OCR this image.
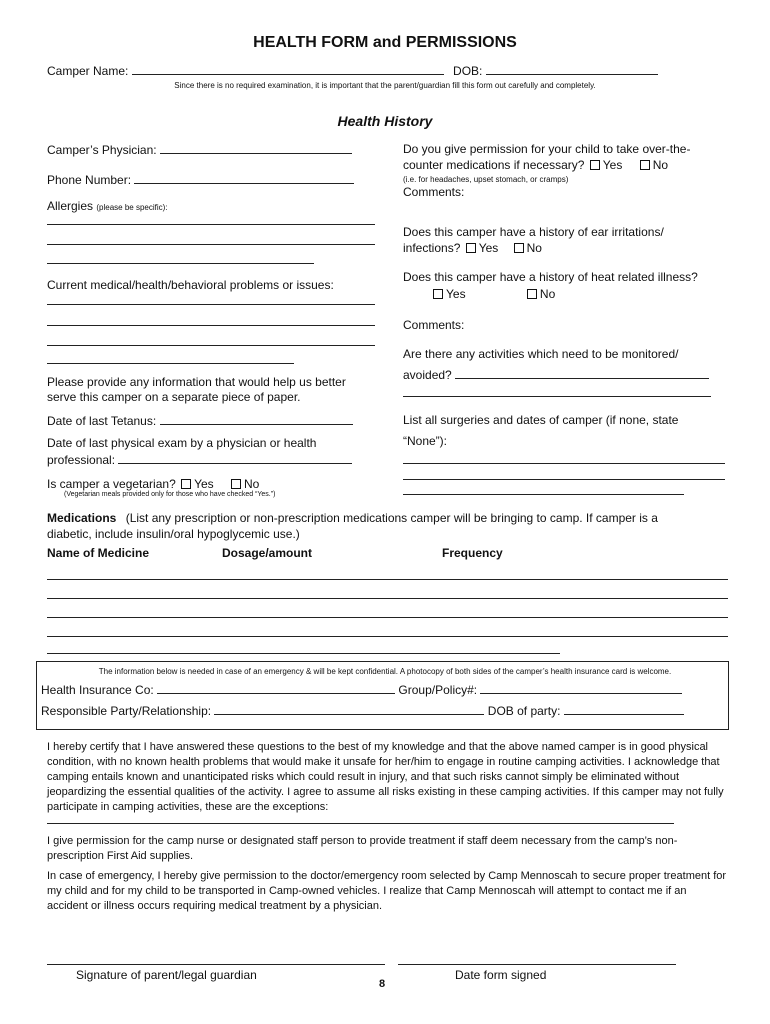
HEALTH FORM and PERMISSIONS
Camper Name:	DOB:
Since there is no required examination, it is important that the parent/guardian fill this form out carefully and completely.
Health History
Camper’s Physician:
Phone Number:
Allergies (please be specific):
Current medical/health/behavioral problems or issues:
Please provide any information that would help us better
serve this camper on a separate piece of paper.
Date of last Tetanus:
Date of last physical exam by a physician or health
professional:
Is camper a vegetarian? Yes	No
(Vegetarian meals provided only for those who have checked “Yes.”)
Do you give permission for your child to take over-the-
counter medications if necessary? Yes	No
(i.e. for headaches, upset stomach, or cramps)
Comments:
Does this camper have a history of ear irritations/
infections? Yes No
Does this camper have a history of heat related illness?
Yes	No
Comments:
Are there any activities which need to be monitored/
avoided?
List all surgeries and dates of camper (if none, state
“None”):
Medications (List any prescription or non-prescription medications camper will be bringing to camp. If camper is a
diabetic, include insulin/oral hypoglycemic use.)
Name of Medicine	Dosage/amount	Frequency
The information below is needed in case of an emergency & will be kept confidential. A photocopy of both sides of the camper’s health insurance card is welcome.
Health Insurance Co:	Group/Policy#:
Responsible Party/Relationship:	DOB of party:
I hereby certify that I have answered these questions to the best of my knowledge and that the above named camper is in good physical condition, with no known health problems that would make it unsafe for her/him to engage in routine camping activities. I acknowledge that camping entails known and unanticipated risks which could result in injury, and that such risks cannot simply be eliminated without jeopardizing the essential qualities of the activity. I agree to assume all risks existing in these camping activities. If this camper may not fully participate in camping activities, these are the exceptions:
I give permission for the camp nurse or designated staff person to provide treatment if staff deem necessary from the camp’s non-prescription First Aid supplies.
In case of emergency, I hereby give permission to the doctor/emergency room selected by Camp Mennoscah to secure proper treatment for my child and for my child to be transported in Camp-owned vehicles. I realize that Camp Mennoscah will attempt to contact me if an accident or illness occurs requiring medical treatment by a physician.
Signature of parent/legal guardian	Date form signed
8
